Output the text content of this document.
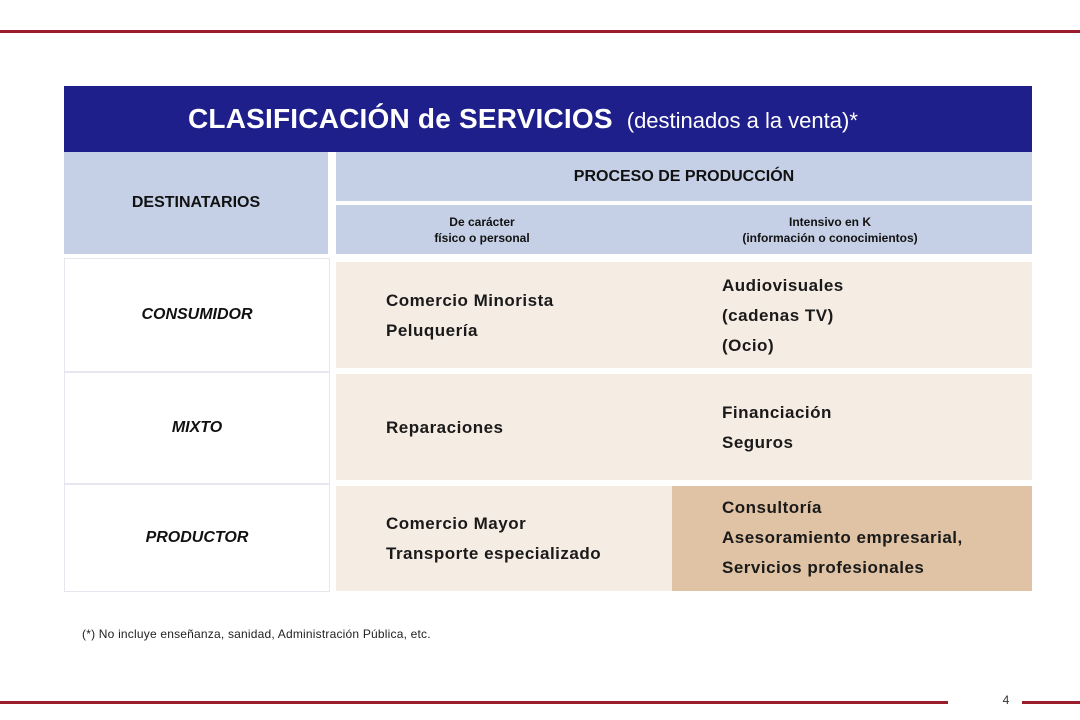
CLASIFICACIÓN de SERVICIOS (destinados a la venta)*
DESTINATARIOS
PROCESO DE PRODUCCIÓN
De carácter
físico o personal
Intensivo en K
(información o conocimientos)
CONSUMIDOR
Comercio Minorista
Peluquería
Audiovisuales
(cadenas TV)
(Ocio)
MIXTO	Reparaciones
Financiación
Seguros
PRODUCTOR
Comercio Mayor
Transporte especializado
Consultoría
Asesoramiento empresarial,
Servicios profesionales
(*) No incluye enseñanza, sanidad, Administración Pública, etc.
4
